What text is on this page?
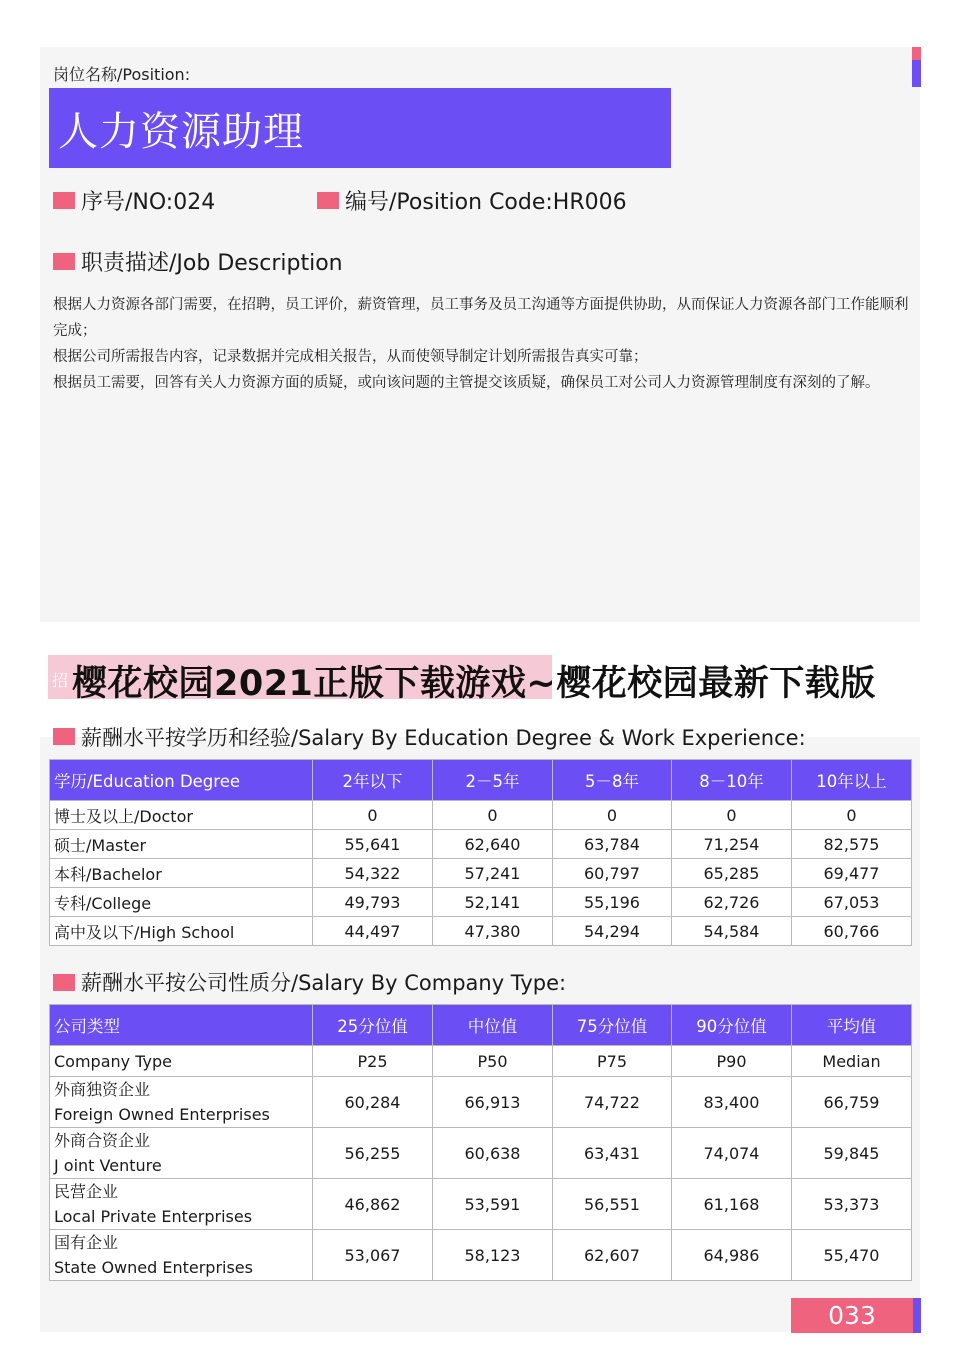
岗位名称/Position:
人力资源助理
序号/NO:024	编号/Position Code:HR006
职责描述/Job Description

根据人力资源各部门需要，在招聘，员工评价，薪资管理，员工事务及员工沟通等方面提供协助，从而保证人力资源各部门工作能顺利完成；

根据公司所需报告内容，记录数据并完成相关报告，从而使领导制定计划所需报告真实可靠；

根据员工需要，回答有关人力资源方面的质疑，或向该问题的主管提交该质疑，确保员工对公司人力资源管理制度有深刻的了解。

招 樱花校园2021正版下载游戏~樱花校园最新下载版
薪酬水平按学历和经验/Salary By Education Degree & Work Experience:
学历/Education Degree	2年以下	2－5年	5－8年	8－10年	10年以上
博士及以上/Doctor	0	0	0	0	0
硕士/Master	55,641	62,640	63,784	71,254	82,575
本科/Bachelor	54,322	57,241	60,797	65,285	69,477
专科/College	49,793	52,141	55,196	62,726	67,053
高中及以下/High School	44,497	47,380	54,294	54,584	60,766
薪酬水平按公司性质分/Salary By Company Type:
公司类型	25分位值	中位值	75分位值	90分位值	平均值
Company Type	P25	P50	P75	P90	Median

外商独资企业
Foreign Owned Enterprises	60,284	66,913	74,722	83,400	66,759

外商合资企业
J oint Venture	56,255	60,638	63,431	74,074	59,845

民营企业
Local Private Enterprises	46,862	53,591	56,551	61,168	53,373

国有企业
State Owned Enterprises	53,067	58,123	62,607	64,986	55,470
033
